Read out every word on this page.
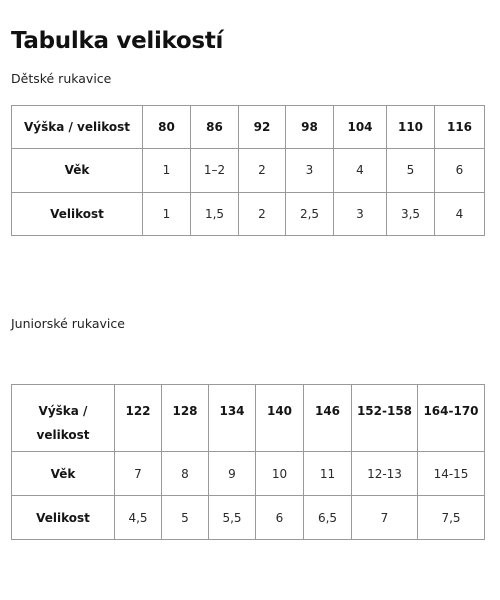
Tabulka velikostí

Dětské rukavice

Výška / velikost	80	86	92	98	104	110	116
Věk	1	1–2	2	3	4	5	6
Velikost	1	1,5	2	2,5	3	3,5	4

Juniorské rukavice

Výška / velikost	122	128	134	140	146	152-158	164-170
Věk	7	8	9	10	11	12-13	14-15
Velikost	4,5	5	5,5	6	6,5	7	7,5
